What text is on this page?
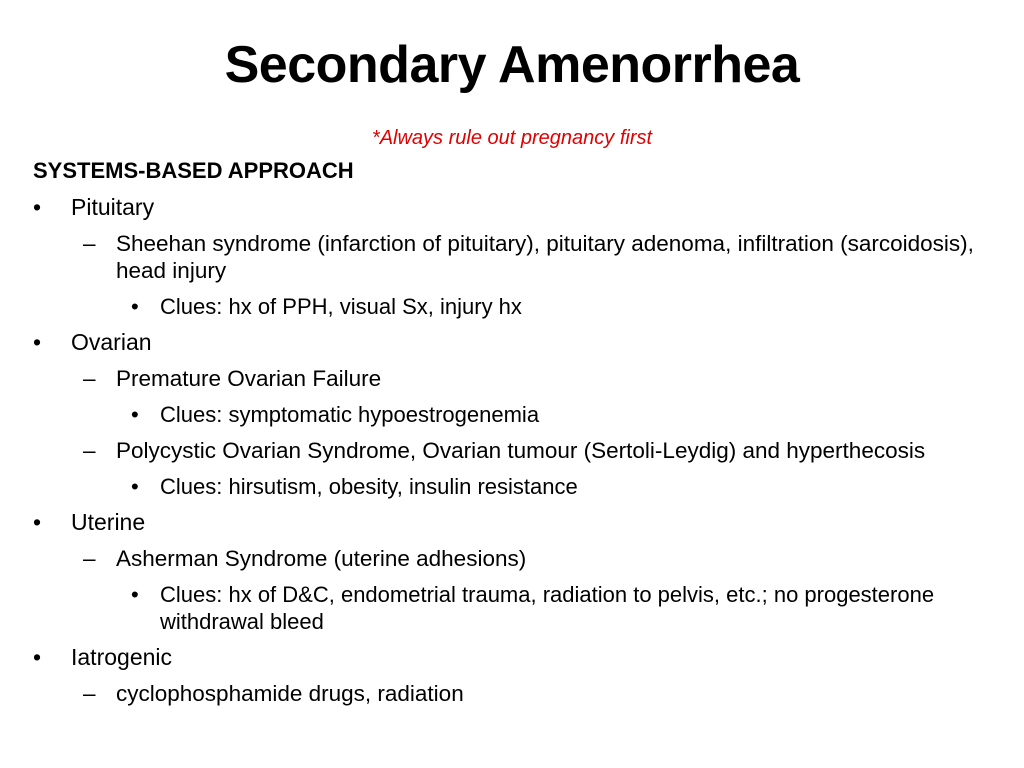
Secondary Amenorrhea
*Always rule out pregnancy first
SYSTEMS-BASED APPROACH
• Pituitary
– Sheehan syndrome (infarction of pituitary), pituitary adenoma, infiltration (sarcoidosis), head injury
• Clues: hx of PPH, visual Sx, injury hx
• Ovarian
– Premature Ovarian Failure
• Clues: symptomatic hypoestrogenemia
– Polycystic Ovarian Syndrome, Ovarian tumour (Sertoli-Leydig) and hyperthecosis
• Clues: hirsutism, obesity, insulin resistance
• Uterine
– Asherman Syndrome (uterine adhesions)
• Clues: hx of D&C, endometrial trauma, radiation to pelvis, etc.; no progesterone withdrawal bleed
• Iatrogenic
– cyclophosphamide drugs, radiation
